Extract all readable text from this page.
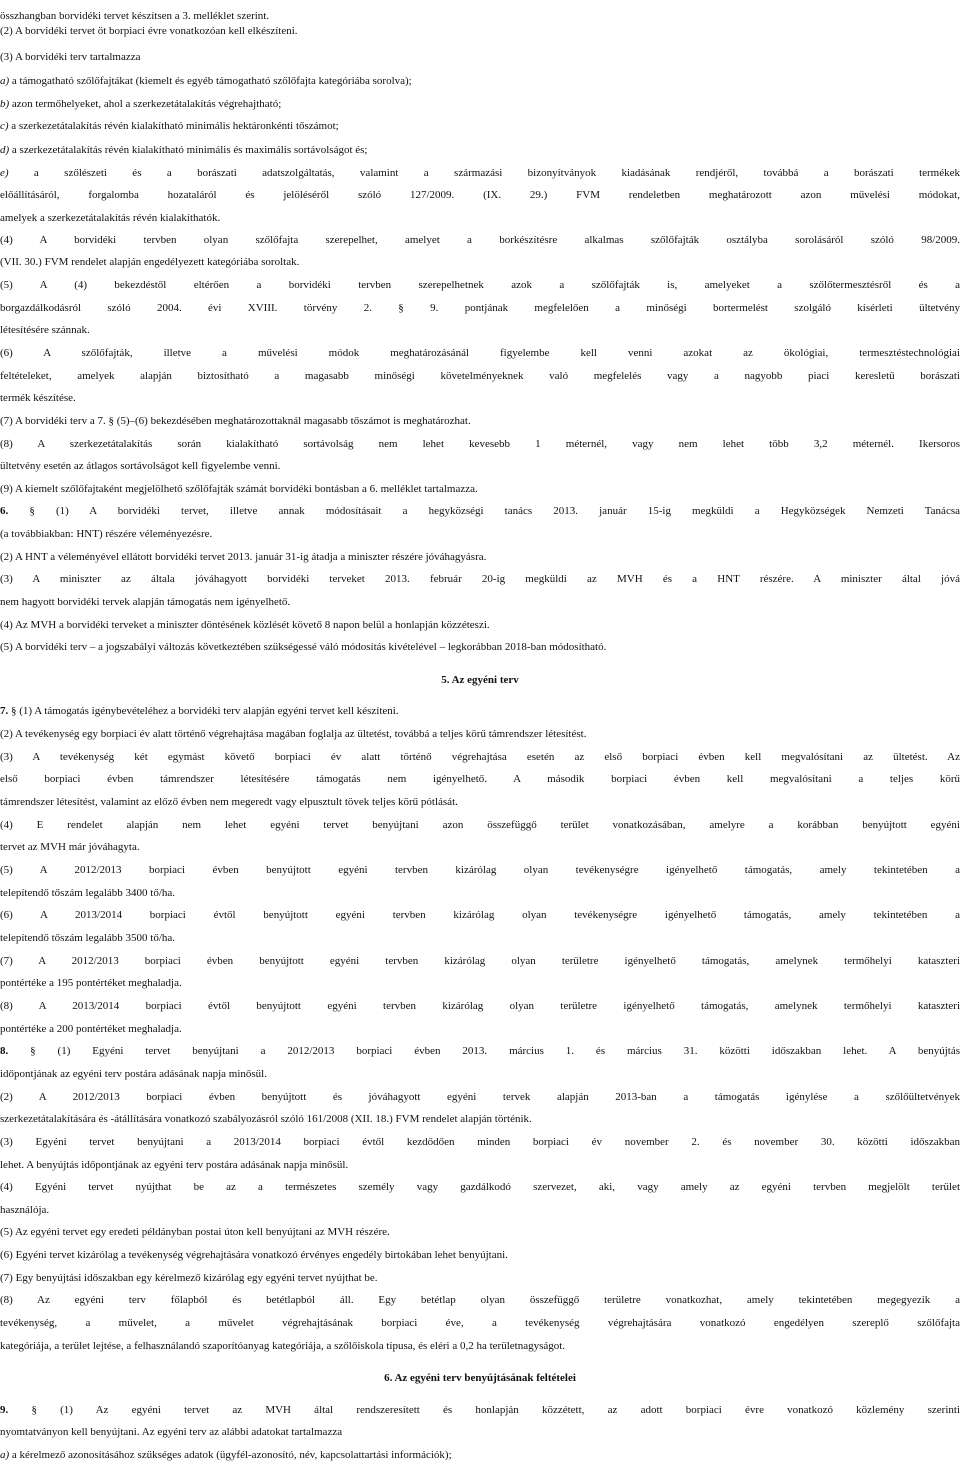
összhangban borvidéki tervet készítsen a 3. melléklet szerint.
(2) A borvidéki tervet öt borpiaci évre vonatkozóan kell elkészíteni.
(3) A borvidéki terv tartalmazza
a) a támogatható szőlőfajtákat (kiemelt és egyéb támogatható szőlőfajta kategóriába sorolva);
b) azon termőhelyeket, ahol a szerkezetátalakítás végrehajtható;
c) a szerkezetátalakítás révén kialakítható minimális hektáronkénti tőszámot;
d) a szerkezetátalakítás révén kialakítható minimális és maximális sortávolságot és;
e) a szőlészeti és a borászati adatszolgáltatás, valamint a származási bizonyítványok kiadásának rendjéről, továbbá a borászati termékek
előállításáról, forgalomba hozataláról és jelöléséről szóló 127/2009. (IX. 29.) FVM rendeletben meghatározott azon művelési módokat,
amelyek a szerkezetátalakítás révén kialakíthatók.
(4) A borvidéki tervben olyan szőlőfajta szerepelhet, amelyet a borkészítésre alkalmas szőlőfajták osztályba sorolásáról szóló 98/2009.
(VII. 30.) FVM rendelet alapján engedélyezett kategóriába soroltak.
(5) A (4) bekezdéstől eltérően a borvidéki tervben szerepelhetnek azok a szőlőfajták is, amelyeket a szőlőtermesztésről és a
borgazdálkodásról szóló 2004. évi XVIII. törvény 2. § 9. pontjának megfelelően a minőségi bortermelést szolgáló kísérleti ültetvény
létesítésére szánnak.
(6) A szőlőfajták, illetve a művelési módok meghatározásánál figyelembe kell venni azokat az ökológiai, termesztéstechnológiai
feltételeket, amelyek alapján biztosítható a magasabb minőségi követelményeknek való megfelelés vagy a nagyobb piaci keresletű borászati
termék készítése.
(7) A borvidéki terv a 7. § (5)–(6) bekezdésében meghatározottaknál magasabb tőszámot is meghatározhat.
(8) A szerkezetátalakítás során kialakítható sortávolság nem lehet kevesebb 1 méternél, vagy nem lehet több 3,2 méternél. Ikersoros
ültetvény esetén az átlagos sortávolságot kell figyelembe venni.
(9) A kiemelt szőlőfajtaként megjelölhető szőlőfajták számát borvidéki bontásban a 6. melléklet tartalmazza.
6. § (1) A borvidéki tervet, illetve annak módosításait a hegyközségi tanács 2013. január 15-ig megküldi a Hegyközségek Nemzeti Tanácsa
(a továbbiakban: HNT) részére véleményezésre.
(2) A HNT a véleményével ellátott borvidéki tervet 2013. január 31-ig átadja a miniszter részére jóváhagyásra.
(3) A miniszter az általa jóváhagyott borvidéki terveket 2013. február 20-ig megküldi az MVH és a HNT részére. A miniszter által jóvá
nem hagyott borvidéki tervek alapján támogatás nem igényelhető.
(4) Az MVH a borvidéki terveket a miniszter döntésének közlését követő 8 napon belül a honlapján közzéteszi.
(5) A borvidéki terv – a jogszabályi változás következtében szükségessé váló módosítás kivételével – legkorábban 2018-ban módosítható.
5. Az egyéni terv
7. § (1) A támogatás igénybevételéhez a borvidéki terv alapján egyéni tervet kell készíteni.
(2) A tevékenység egy borpiaci év alatt történő végrehajtása magában foglalja az ültetést, továbbá a teljes körű támrendszer létesítést.
(3) A tevékenység két egymást követő borpiaci év alatt történő végrehajtása esetén az első borpiaci évben kell megvalósítani az ültetést. Az
első borpiaci évben támrendszer létesítésére támogatás nem igényelhető. A második borpiaci évben kell megvalósítani a teljes körű
támrendszer létesítést, valamint az előző évben nem megeredt vagy elpusztult tövek teljes körű pótlását.
(4) E rendelet alapján nem lehet egyéni tervet benyújtani azon összefüggő terület vonatkozásában, amelyre a korábban benyújtott egyéni
tervet az MVH már jóváhagyta.
(5) A 2012/2013 borpiaci évben benyújtott egyéni tervben kizárólag olyan tevékenységre igényelhető támogatás, amely tekintetében a
telepítendő tőszám legalább 3400 tő/ha.
(6) A 2013/2014 borpiaci évtől benyújtott egyéni tervben kizárólag olyan tevékenységre igényelhető támogatás, amely tekintetében a
telepítendő tőszám legalább 3500 tő/ha.
(7) A 2012/2013 borpiaci évben benyújtott egyéni tervben kizárólag olyan területre igényelhető támogatás, amelynek termőhelyi kataszteri
pontértéke a 195 pontértéket meghaladja.
(8) A 2013/2014 borpiaci évtől benyújtott egyéni tervben kizárólag olyan területre igényelhető támogatás, amelynek termőhelyi kataszteri
pontértéke a 200 pontértéket meghaladja.
8. § (1) Egyéni tervet benyújtani a 2012/2013 borpiaci évben 2013. március 1. és március 31. közötti időszakban lehet. A benyújtás
időpontjának az egyéni terv postára adásának napja minősül.
(2) A 2012/2013 borpiaci évben benyújtott és jóváhagyott egyéni tervek alapján 2013-ban a támogatás igénylése a szőlőültetvények
szerkezetátalakítására és -átállítására vonatkozó szabályozásról szóló 161/2008 (XII. 18.) FVM rendelet alapján történik.
(3) Egyéni tervet benyújtani a 2013/2014 borpiaci évtől kezdődően minden borpiaci év november 2. és november 30. közötti időszakban
lehet. A benyújtás időpontjának az egyéni terv postára adásának napja minősül.
(4) Egyéni tervet nyújthat be az a természetes személy vagy gazdálkodó szervezet, aki, vagy amely az egyéni tervben megjelölt terület
használója.
(5) Az egyéni tervet egy eredeti példányban postai úton kell benyújtani az MVH részére.
(6) Egyéni tervet kizárólag a tevékenység végrehajtására vonatkozó érvényes engedély birtokában lehet benyújtani.
(7) Egy benyújtási időszakban egy kérelmező kizárólag egy egyéni tervet nyújthat be.
(8) Az egyéni terv főlapból és betétlapból áll. Egy betétlap olyan összefüggő területre vonatkozhat, amely tekintetében megegyezik a
tevékenység, a művelet, a művelet végrehajtásának borpiaci éve, a tevékenység végrehajtására vonatkozó engedélyen szereplő szőlőfajta
kategóriája, a terület lejtése, a felhasználandó szaporítóanyag kategóriája, a szőlőiskola típusa, és eléri a 0,2 ha területnagyságot.
6. Az egyéni terv benyújtásának feltételei
9. § (1) Az egyéni tervet az MVH által rendszeresített és honlapján közzétett, az adott borpiaci évre vonatkozó közlemény szerinti
nyomtatványon kell benyújtani. Az egyéni terv az alábbi adatokat tartalmazza
a) a kérelmező azonosításához szükséges adatok (ügyfél-azonosító, név, kapcsolattartási információk);
